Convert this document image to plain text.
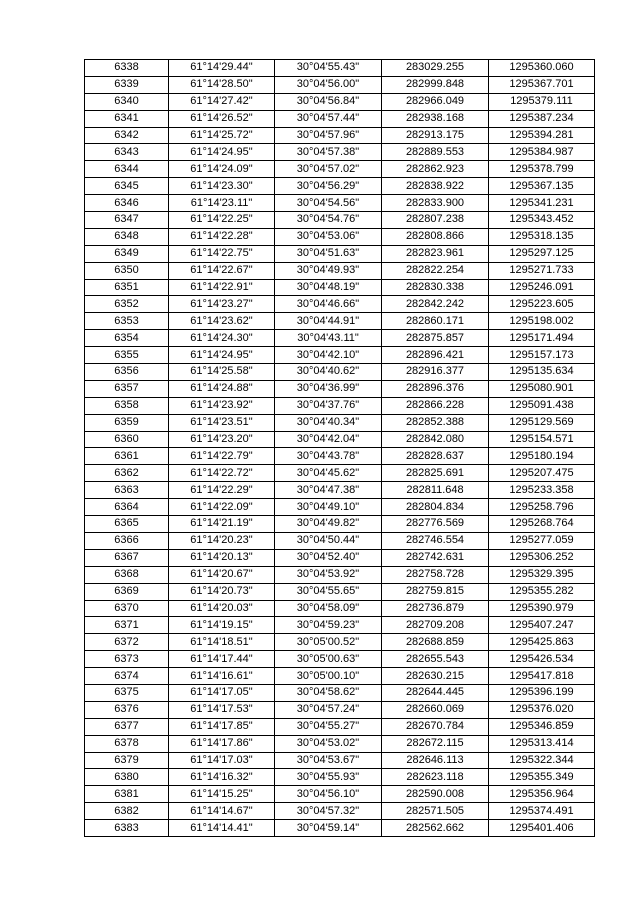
6338	61°14'29.44"	30°04'55.43"	283029.255	1295360.060
6339	61°14'28.50"	30°04'56.00"	282999.848	1295367.701
6340	61°14'27.42"	30°04'56.84"	282966.049	1295379.111
6341	61°14'26.52"	30°04'57.44"	282938.168	1295387.234
6342	61°14'25.72"	30°04'57.96"	282913.175	1295394.281
6343	61°14'24.95"	30°04'57.38"	282889.553	1295384.987
6344	61°14'24.09"	30°04'57.02"	282862.923	1295378.799
6345	61°14'23.30"	30°04'56.29"	282838.922	1295367.135
6346	61°14'23.11"	30°04'54.56"	282833.900	1295341.231
6347	61°14'22.25"	30°04'54.76"	282807.238	1295343.452
6348	61°14'22.28"	30°04'53.06"	282808.866	1295318.135
6349	61°14'22.75"	30°04'51.63"	282823.961	1295297.125
6350	61°14'22.67"	30°04'49.93"	282822.254	1295271.733
6351	61°14'22.91"	30°04'48.19"	282830.338	1295246.091
6352	61°14'23.27"	30°04'46.66"	282842.242	1295223.605
6353	61°14'23.62"	30°04'44.91"	282860.171	1295198.002
6354	61°14'24.30"	30°04'43.11"	282875.857	1295171.494
6355	61°14'24.95"	30°04'42.10"	282896.421	1295157.173
6356	61°14'25.58"	30°04'40.62"	282916.377	1295135.634
6357	61°14'24.88"	30°04'36.99"	282896.376	1295080.901
6358	61°14'23.92"	30°04'37.76"	282866.228	1295091.438
6359	61°14'23.51"	30°04'40.34"	282852.388	1295129.569
6360	61°14'23.20"	30°04'42.04"	282842.080	1295154.571
6361	61°14'22.79"	30°04'43.78"	282828.637	1295180.194
6362	61°14'22.72"	30°04'45.62"	282825.691	1295207.475
6363	61°14'22.29"	30°04'47.38"	282811.648	1295233.358
6364	61°14'22.09"	30°04'49.10"	282804.834	1295258.796
6365	61°14'21.19"	30°04'49.82"	282776.569	1295268.764
6366	61°14'20.23"	30°04'50.44"	282746.554	1295277.059
6367	61°14'20.13"	30°04'52.40"	282742.631	1295306.252
6368	61°14'20.67"	30°04'53.92"	282758.728	1295329.395
6369	61°14'20.73"	30°04'55.65"	282759.815	1295355.282
6370	61°14'20.03"	30°04'58.09"	282736.879	1295390.979
6371	61°14'19.15"	30°04'59.23"	282709.208	1295407.247
6372	61°14'18.51"	30°05'00.52"	282688.859	1295425.863
6373	61°14'17.44"	30°05'00.63"	282655.543	1295426.534
6374	61°14'16.61"	30°05'00.10"	282630.215	1295417.818
6375	61°14'17.05"	30°04'58.62"	282644.445	1295396.199
6376	61°14'17.53"	30°04'57.24"	282660.069	1295376.020
6377	61°14'17.85"	30°04'55.27"	282670.784	1295346.859
6378	61°14'17.86"	30°04'53.02"	282672.115	1295313.414
6379	61°14'17.03"	30°04'53.67"	282646.113	1295322.344
6380	61°14'16.32"	30°04'55.93"	282623.118	1295355.349
6381	61°14'15.25"	30°04'56.10"	282590.008	1295356.964
6382	61°14'14.67"	30°04'57.32"	282571.505	1295374.491
6383	61°14'14.41"	30°04'59.14"	282562.662	1295401.406
